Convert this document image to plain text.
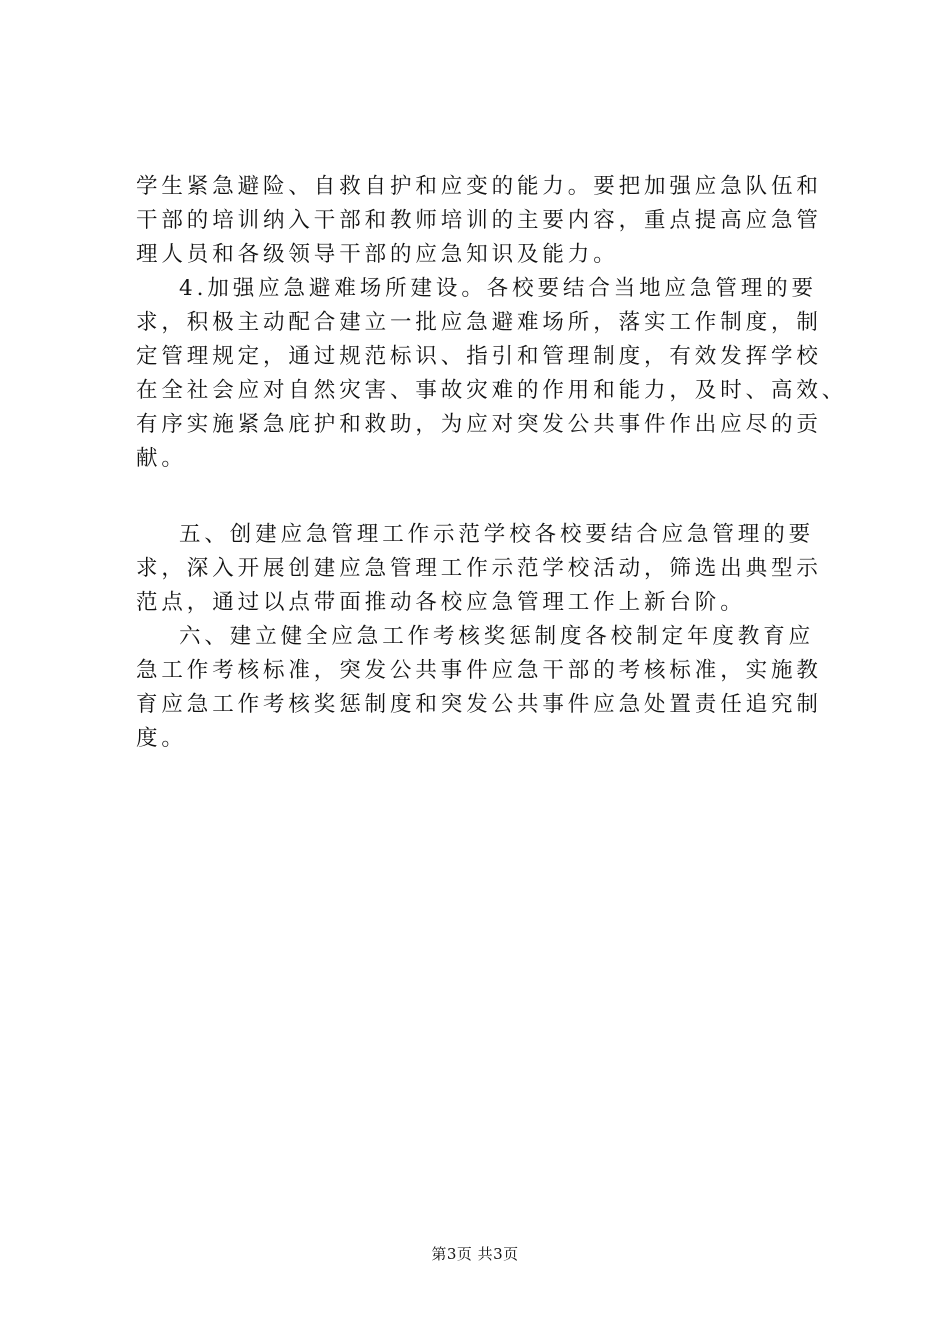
学生紧急避险、自救自护和应变的能力。要把加强应急队伍和
干部的培训纳入干部和教师培训的主要内容，重点提高应急管
理人员和各级领导干部的应急知识及能力。
4.加强应急避难场所建设。各校要结合当地应急管理的要
求，积极主动配合建立一批应急避难场所，落实工作制度，制
定管理规定，通过规范标识、指引和管理制度，有效发挥学校
在全社会应对自然灾害、事故灾难的作用和能力，及时、高效、
有序实施紧急庇护和救助，为应对突发公共事件作出应尽的贡
献。
五、创建应急管理工作示范学校各校要结合应急管理的要
求，深入开展创建应急管理工作示范学校活动，筛选出典型示
范点，通过以点带面推动各校应急管理工作上新台阶。
六、建立健全应急工作考核奖惩制度各校制定年度教育应
急工作考核标准，突发公共事件应急干部的考核标准，实施教
育应急工作考核奖惩制度和突发公共事件应急处置责任追究制
度。
第3页 共3页
